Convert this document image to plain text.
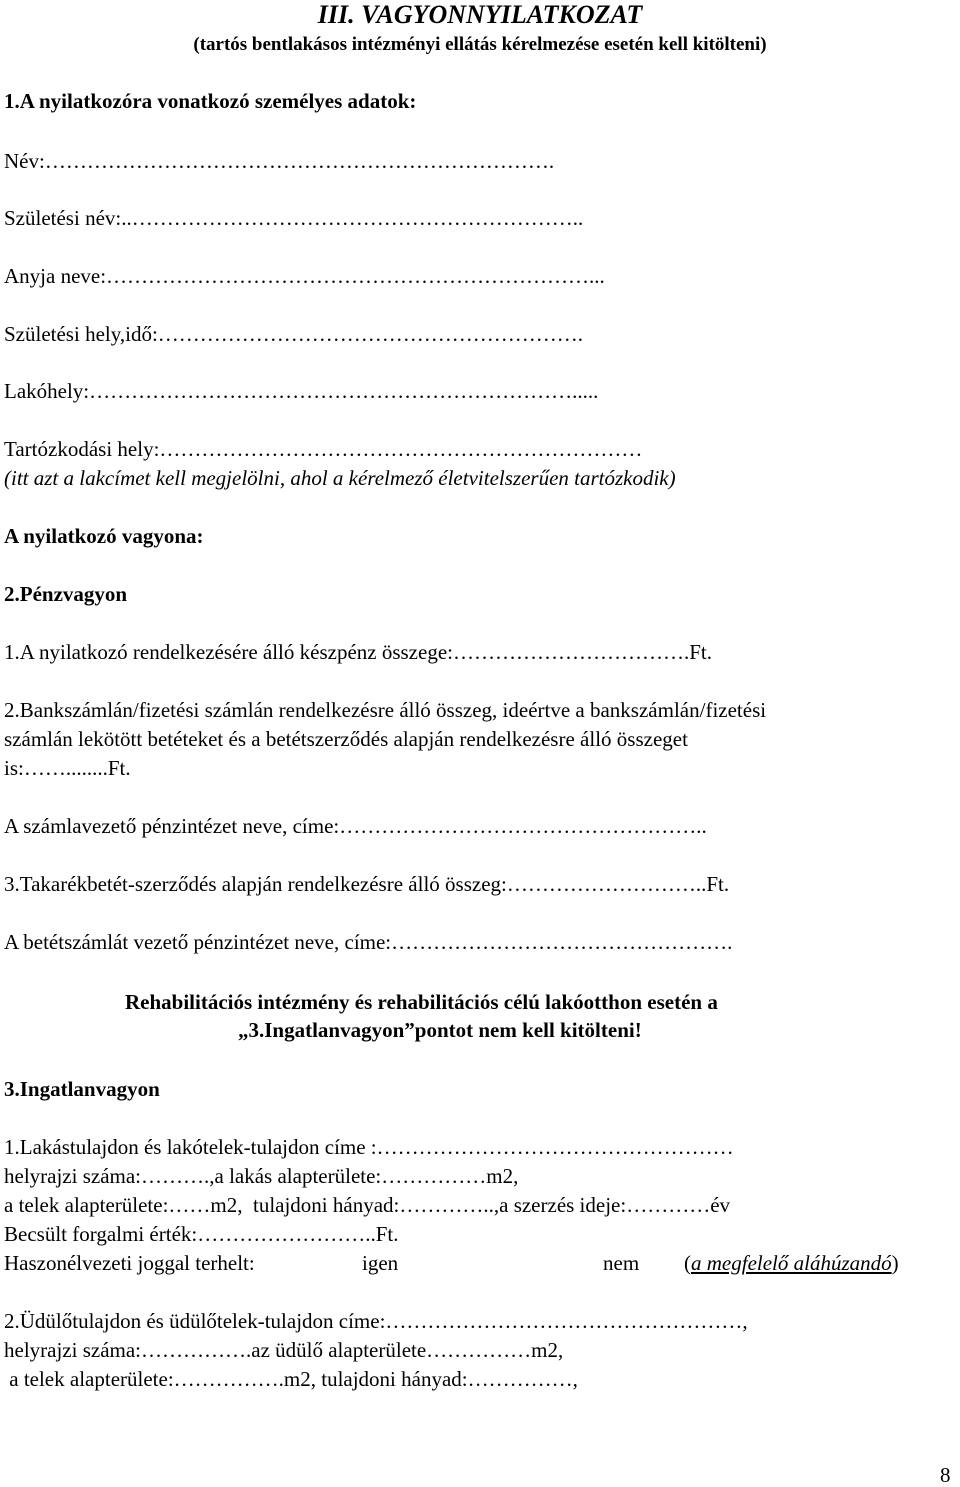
III. VAGYONNYILATKOZAT
(tartós bentlakásos intézményi ellátás kérelmezése esetén kell kitölteni)
1.A nyilatkozóra vonatkozó személyes adatok:
Név:……………………………………………………………….
Születési név:..………………………………………………………..
Anyja neve:……………………………………………………………...
Születési hely,idő:…………………………………………………….
Lakóhely:…………………………………………………………….....
Tartózkodási hely:……………………………………………………………
(itt azt a lakcímet kell megjelölni, ahol a kérelmező életvitelszerűen tartózkodik)
A nyilatkozó vagyona:
2.Pénzvagyon
1.A nyilatkozó rendelkezésére álló készpénz összege:…………………………….Ft.
2.Bankszámlán/fizetési számlán rendelkezésre álló összeg, ideértve a bankszámlán/fizetési
számlán lekötött betéteket és a betétszerződés alapján rendelkezésre álló összeget
is:……........Ft.
A számlavezető pénzintézet neve, címe:……………………………………………..
3.Takarékbetét-szerződés alapján rendelkezésre álló összeg:………………………..Ft.
A betétszámlát vezető pénzintézet neve, címe:………………………………………….
Rehabilitációs intézmény és rehabilitációs célú lakóotthon esetén a
„3.Ingatlanvagyon”pontot nem kell kitölteni!
3.Ingatlanvagyon
1.Lakástulajdon és lakótelek-tulajdon címe :……………………………………………
helyrajzi száma:……….,a lakás alapterülete:……………m2,
a telek alapterülete:……m2,  tulajdoni hányad:…………..,a szerzés ideje:…………év
Becsült forgalmi érték:……………………..Ft.
Haszonélvezeti joggal terhelt:	igen	nem (a megfelelő aláhúzandó)
2.Üdülőtulajdon és üdülőtelek-tulajdon címe:……………………………………………,
helyrajzi száma:…………….az üdülő alapterülete……………m2,
a telek alapterülete:…………….m2, tulajdoni hányad:……………,
8
